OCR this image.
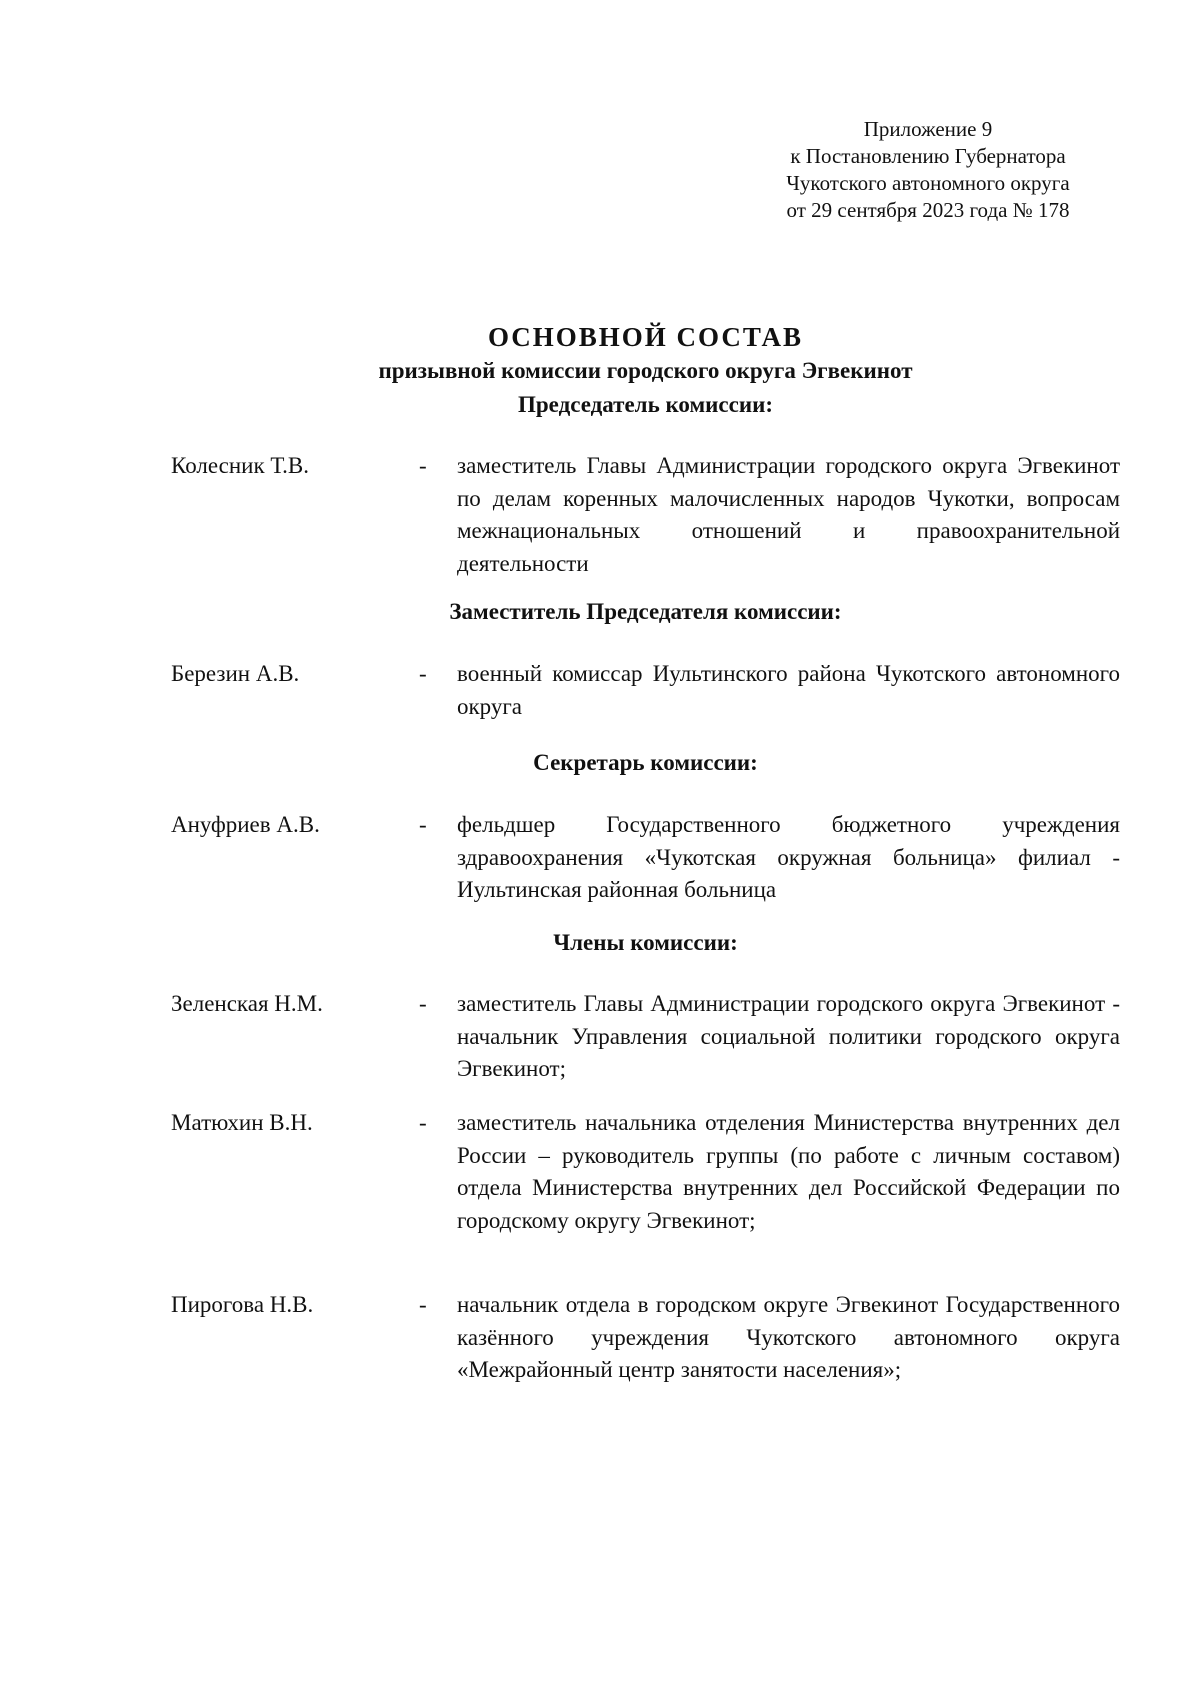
Приложение 9
к Постановлению Губернатора
Чукотского автономного округа
от 29 сентября 2023 года № 178
ОСНОВНОЙ СОСТАВ
призывной комиссии городского округа Эгвекинот
Председатель комиссии:
Колесник Т.В.	- заместитель Главы Администрации городского округа Эгвекинот по делам коренных малочисленных народов Чукотки, вопросам межнациональных отношений и правоохранительной деятельности
Заместитель Председателя комиссии:
Березин А.В.	- военный комиссар Иультинского района Чукотского автономного округа
Секретарь комиссии:
Ануфриев А.В.	- фельдшер Государственного бюджетного учреждения здравоохранения «Чукотская окружная больница» филиал - Иультинская районная больница
Члены комиссии:
Зеленская Н.М.	- заместитель Главы Администрации городского округа Эгвекинот - начальник Управления социальной политики городского округа Эгвекинот;
Матюхин В.Н.	- заместитель начальника отделения Министерства внутренних дел России – руководитель группы (по работе с личным составом) отдела Министерства внутренних дел Российской Федерации по городскому округу Эгвекинот;
Пирогова Н.В.	- начальник отдела в городском округе Эгвекинот Государственного казённого учреждения Чукотского автономного округа «Межрайонный центр занятости населения»;
